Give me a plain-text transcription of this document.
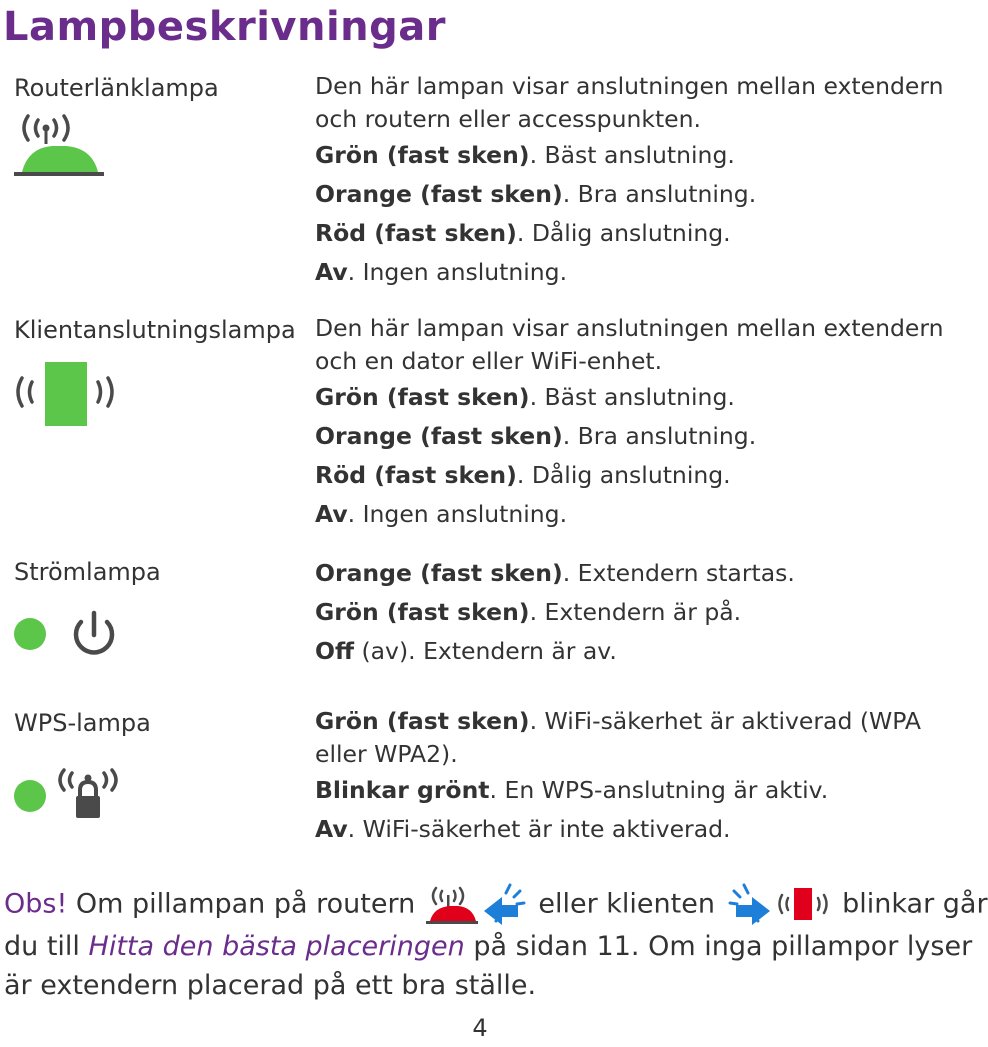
Lampbeskrivningar
Routerlänklampa	Den här lampan visar anslutningen mellan extendern
och routern eller accesspunkten.
Grön (fast sken). Bäst anslutning.
Orange (fast sken). Bra anslutning.
Röd (fast sken). Dålig anslutning.
Av. Ingen anslutning.
Klientanslutningslampa Den här lampan visar anslutningen mellan extendern
och en dator eller WiFi-enhet.
Grön (fast sken). Bäst anslutning.
Orange (fast sken). Bra anslutning.
Röd (fast sken). Dålig anslutning.
Av. Ingen anslutning.
Strömlampa	Orange (fast sken). Extendern startas.
Grön (fast sken). Extendern är på.
Off (av). Extendern är av.
WPS-lampa	Grön (fast sken). WiFi-säkerhet är aktiverad (WPA
eller WPA2).
Blinkar grönt. En WPS-anslutning är aktiv.
Av. WiFi-säkerhet är inte aktiverad.
Obs! Om pillampan på routern	eller klienten	blinkar går
du till Hitta den bästa placeringen på sidan 11. Om inga pillampor lyser
är extendern placerad på ett bra ställe.
4
